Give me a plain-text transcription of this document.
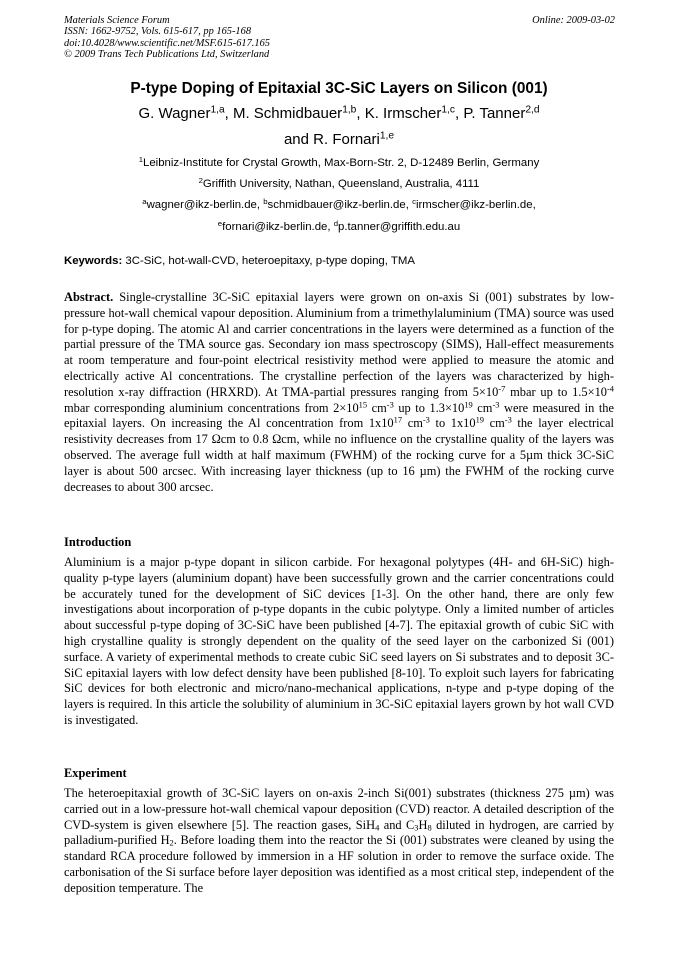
Materials Science Forum
ISSN: 1662-9752, Vols. 615-617, pp 165-168
doi:10.4028/www.scientific.net/MSF.615-617.165
© 2009 Trans Tech Publications Ltd, Switzerland
Online: 2009-03-02
P-type Doping of Epitaxial 3C-SiC Layers on Silicon (001)
G. Wagner$^{1,a}$, M. Schmidbauer$^{1,b}$, K. Irmscher$^{1,c}$, P. Tanner$^{2,d}$
and R. Fornari$^{1,e}$
$^1$Leibniz-Institute for Crystal Growth, Max-Born-Str. 2, D-12489 Berlin, Germany
$^2$Griffith University, Nathan, Queensland, Australia, 4111
$^a$wagner@ikz-berlin.de, $^b$schmidbauer@ikz-berlin.de, $^c$irmscher@ikz-berlin.de,
$^e$fornari@ikz-berlin.de, $^d$p.tanner@griffith.edu.au
Keywords: 3C-SiC, hot-wall-CVD, heteroepitaxy, p-type doping, TMA
Abstract. Single-crystalline 3C-SiC epitaxial layers were grown on on-axis Si (001) substrates by low-pressure hot-wall chemical vapour deposition. Aluminium from a trimethylaluminium (TMA) source was used for p-type doping. The atomic Al and carrier concentrations in the layers were determined as a function of the partial pressure of the TMA source gas. Secondary ion mass spectroscopy (SIMS), Hall-effect measurements at room temperature and four-point electrical resistivity method were applied to measure the atomic and electrically active Al concentrations. The crystalline perfection of the layers was characterized by high-resolution x-ray diffraction (HRXRD). At TMA-partial pressures ranging from $5\times 10^{-7}$ mbar up to $1.5\times 10^{-4}$ mbar corresponding aluminium concentrations from $2\times 10^{15}$ $cm^{-3}$ up to $1.3\times 10^{19}$ $cm^{-3}$ were measured in the epitaxial layers. On increasing the Al concentration from $1x10^{17}$ $cm^{-3}$ to $1x10^{19}$ $cm^{-3}$ the layer electrical resistivity decreases from 17 Ωcm to 0.8 Ωcm, while no influence on the crystalline quality of the layers was observed. The average full width at half maximum (FWHM) of the rocking curve for a 5µm thick 3C-SiC layer is about 500 arcsec. With increasing layer thickness (up to 16 µm) the FWHM of the rocking curve decreases to about 300 arcsec.
Introduction
Aluminium is a major p-type dopant in silicon carbide. For hexagonal polytypes (4H- and 6H-SiC) high-quality p-type layers (aluminium dopant) have been successfully grown and the carrier concentrations could be accurately tuned for the development of SiC devices [1-3]. On the other hand, there are only few investigations about incorporation of p-type dopants in the cubic polytype. Only a limited number of articles about successful p-type doping of 3C-SiC have been published [4-7]. The epitaxial growth of cubic SiC with high crystalline quality is strongly dependent on the quality of the seed layer on the carbonized Si (001) surface. A variety of experimental methods to create cubic SiC seed layers on Si substrates and to deposit 3C-SiC epitaxial layers with low defect density have been published [8-10]. To exploit such layers for fabricating SiC devices for both electronic and micro/nano-mechanical applications, n-type and p-type doping of the layers is required. In this article the solubility of aluminium in 3C-SiC epitaxial layers grown by hot wall CVD is investigated.
Experiment
The heteroepitaxial growth of 3C-SiC layers on on-axis 2-inch Si(001) substrates (thickness 275 µm) was carried out in a low-pressure hot-wall chemical vapour deposition (CVD) reactor. A detailed description of the CVD-system is given elsewhere [5]. The reaction gases, SiH$_4$ and $C_3H_8$ diluted in hydrogen, are carried by palladium-purified $H_2$. Before loading them into the reactor the Si (001) substrates were cleaned by using the standard RCA procedure followed by immersion in a HF solution in order to remove the surface oxide. The carbonisation of the Si surface before layer deposition was identified as a most critical step, independent of the deposition temperature. The
